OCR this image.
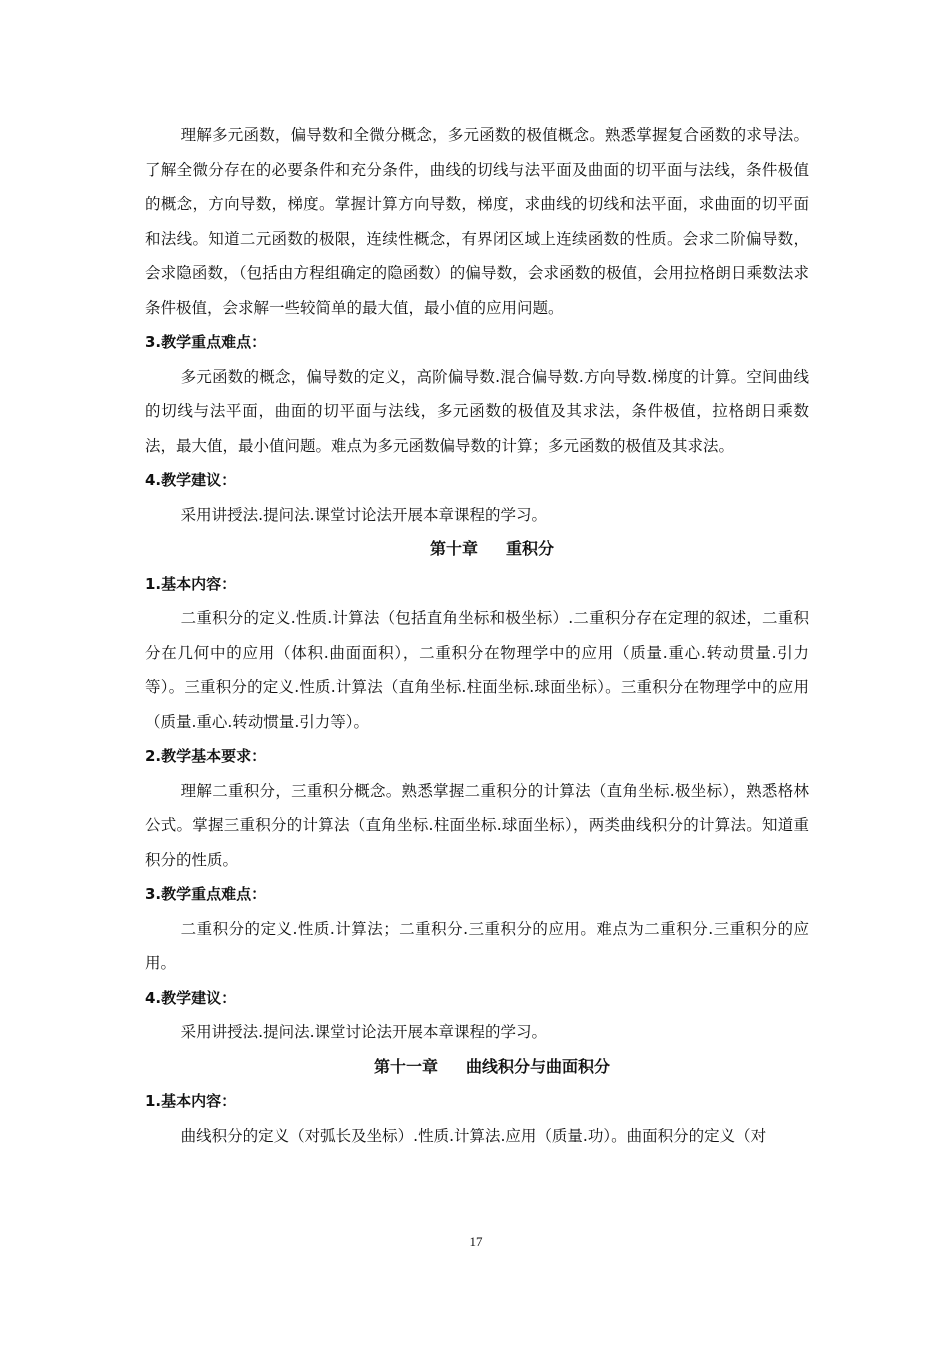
理解多元函数，偏导数和全微分概念，多元函数的极值概念。熟悉掌握复合函数的求导法。了解全微分存在的必要条件和充分条件，曲线的切线与法平面及曲面的切平面与法线，条件极值的概念，方向导数，梯度。掌握计算方向导数，梯度，求曲线的切线和法平面，求曲面的切平面和法线。知道二元函数的极限，连续性概念，有界闭区域上连续函数的性质。会求二阶偏导数，会求隐函数，（包括由方程组确定的隐函数）的偏导数，会求函数的极值，会用拉格朗日乘数法求条件极值，会求解一些较简单的最大值，最小值的应用问题。

3.教学重点难点：

多元函数的概念，偏导数的定义，高阶偏导数.混合偏导数.方向导数.梯度的计算。空间曲线的切线与法平面，曲面的切平面与法线，多元函数的极值及其求法，条件极值，拉格朗日乘数法，最大值，最小值问题。难点为多元函数偏导数的计算；多元函数的极值及其求法。

4.教学建议：

采用讲授法.提问法.课堂讨论法开展本章课程的学习。

第十章 重积分
1.基本内容：

二重积分的定义.性质.计算法（包括直角坐标和极坐标）.二重积分存在定理的叙述，二重积分在几何中的应用（体积.曲面面积），二重积分在物理学中的应用（质量.重心.转动贯量.引力等）。三重积分的定义.性质.计算法（直角坐标.柱面坐标.球面坐标）。三重积分在物理学中的应用（质量.重心.转动惯量.引力等）。

2.教学基本要求：

理解二重积分，三重积分概念。熟悉掌握二重积分的计算法（直角坐标.极坐标），熟悉格林公式。掌握三重积分的计算法（直角坐标.柱面坐标.球面坐标），两类曲线积分的计算法。知道重积分的性质。

3.教学重点难点：

二重积分的定义.性质.计算法；二重积分.三重积分的应用。难点为二重积分.三重积分的应用。

4.教学建议：

采用讲授法.提问法.课堂讨论法开展本章课程的学习。

第十一章 曲线积分与曲面积分
1.基本内容：

曲线积分的定义（对弧长及坐标）.性质.计算法.应用（质量.功）。曲面积分的定义（对

17
